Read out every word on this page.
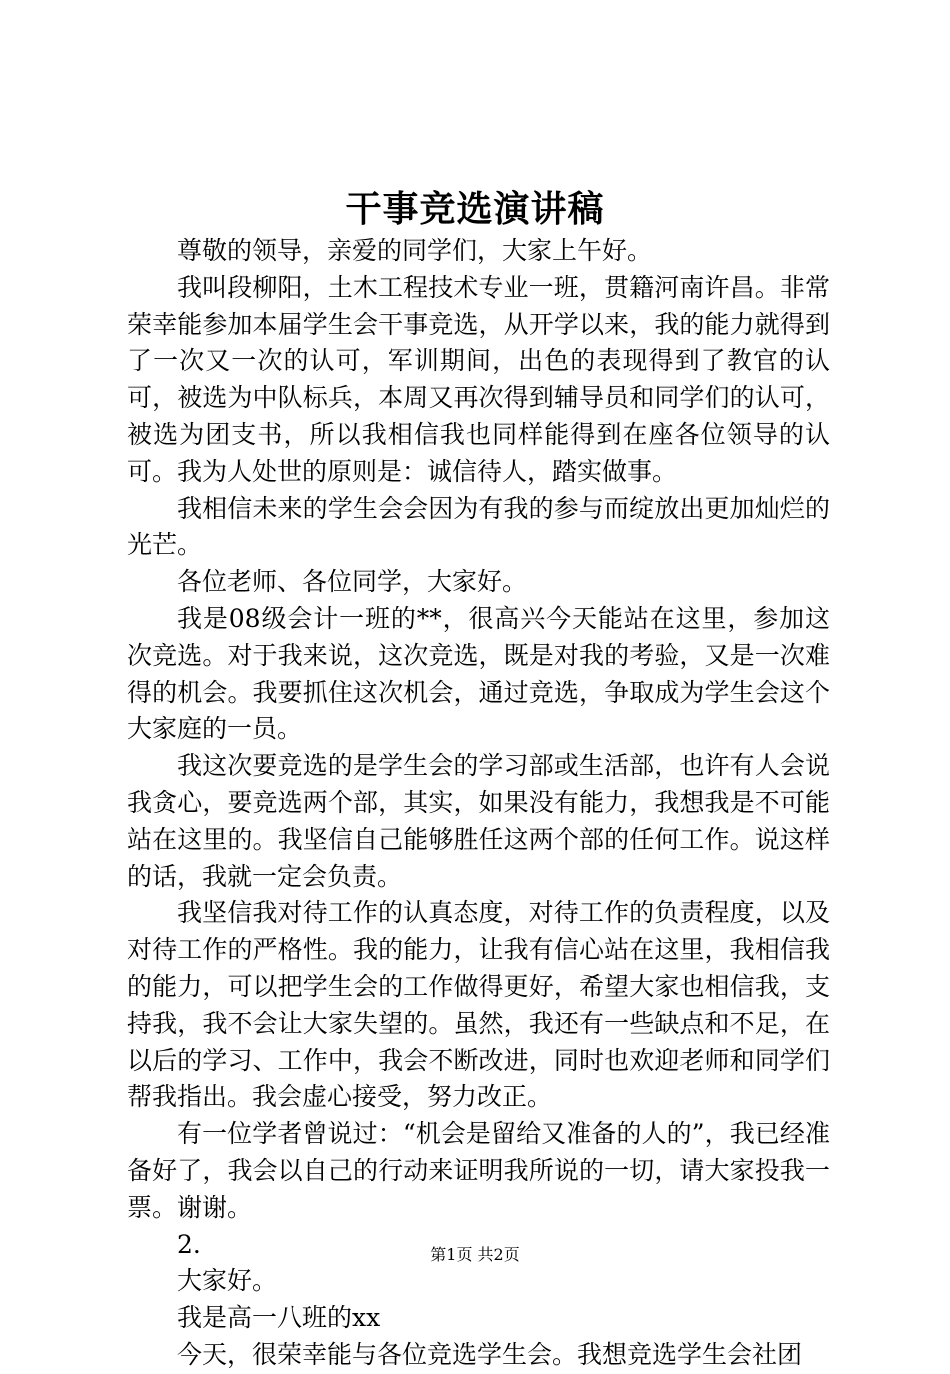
干事竞选演讲稿

尊敬的领导，亲爱的同学们，大家上午好。

我叫段柳阳，土木工程技术专业一班，贯籍河南许昌。非常荣幸能参加本届学生会干事竞选，从开学以来，我的能力就得到了一次又一次的认可，军训期间，出色的表现得到了教官的认可，被选为中队标兵，本周又再次得到辅导员和同学们的认可，被选为团支书，所以我相信我也同样能得到在座各位领导的认可。我为人处世的原则是：诚信待人，踏实做事。

我相信未来的学生会会因为有我的参与而绽放出更加灿烂的光芒。

各位老师、各位同学，大家好。

我是08级会计一班的**，很高兴今天能站在这里，参加这次竞选。对于我来说，这次竞选，既是对我的考验，又是一次难得的机会。我要抓住这次机会，通过竞选，争取成为学生会这个大家庭的一员。

我这次要竞选的是学生会的学习部或生活部，也许有人会说我贪心，要竞选两个部，其实，如果没有能力，我想我是不可能站在这里的。我坚信自己能够胜任这两个部的任何工作。说这样的话，我就一定会负责。

我坚信我对待工作的认真态度，对待工作的负责程度，以及对待工作的严格性。我的能力，让我有信心站在这里，我相信我的能力，可以把学生会的工作做得更好，希望大家也相信我，支持我，我不会让大家失望的。虽然，我还有一些缺点和不足，在以后的学习、工作中，我会不断改进，同时也欢迎老师和同学们帮我指出。我会虚心接受，努力改正。

有一位学者曾说过：“机会是留给又准备的人的”，我已经准备好了，我会以自己的行动来证明我所说的一切，请大家投我一票。谢谢。

2.

大家好。

我是高一八班的xx

今天，很荣幸能与各位竞选学生会。我想竞选学生会社团

第1页 共2页
